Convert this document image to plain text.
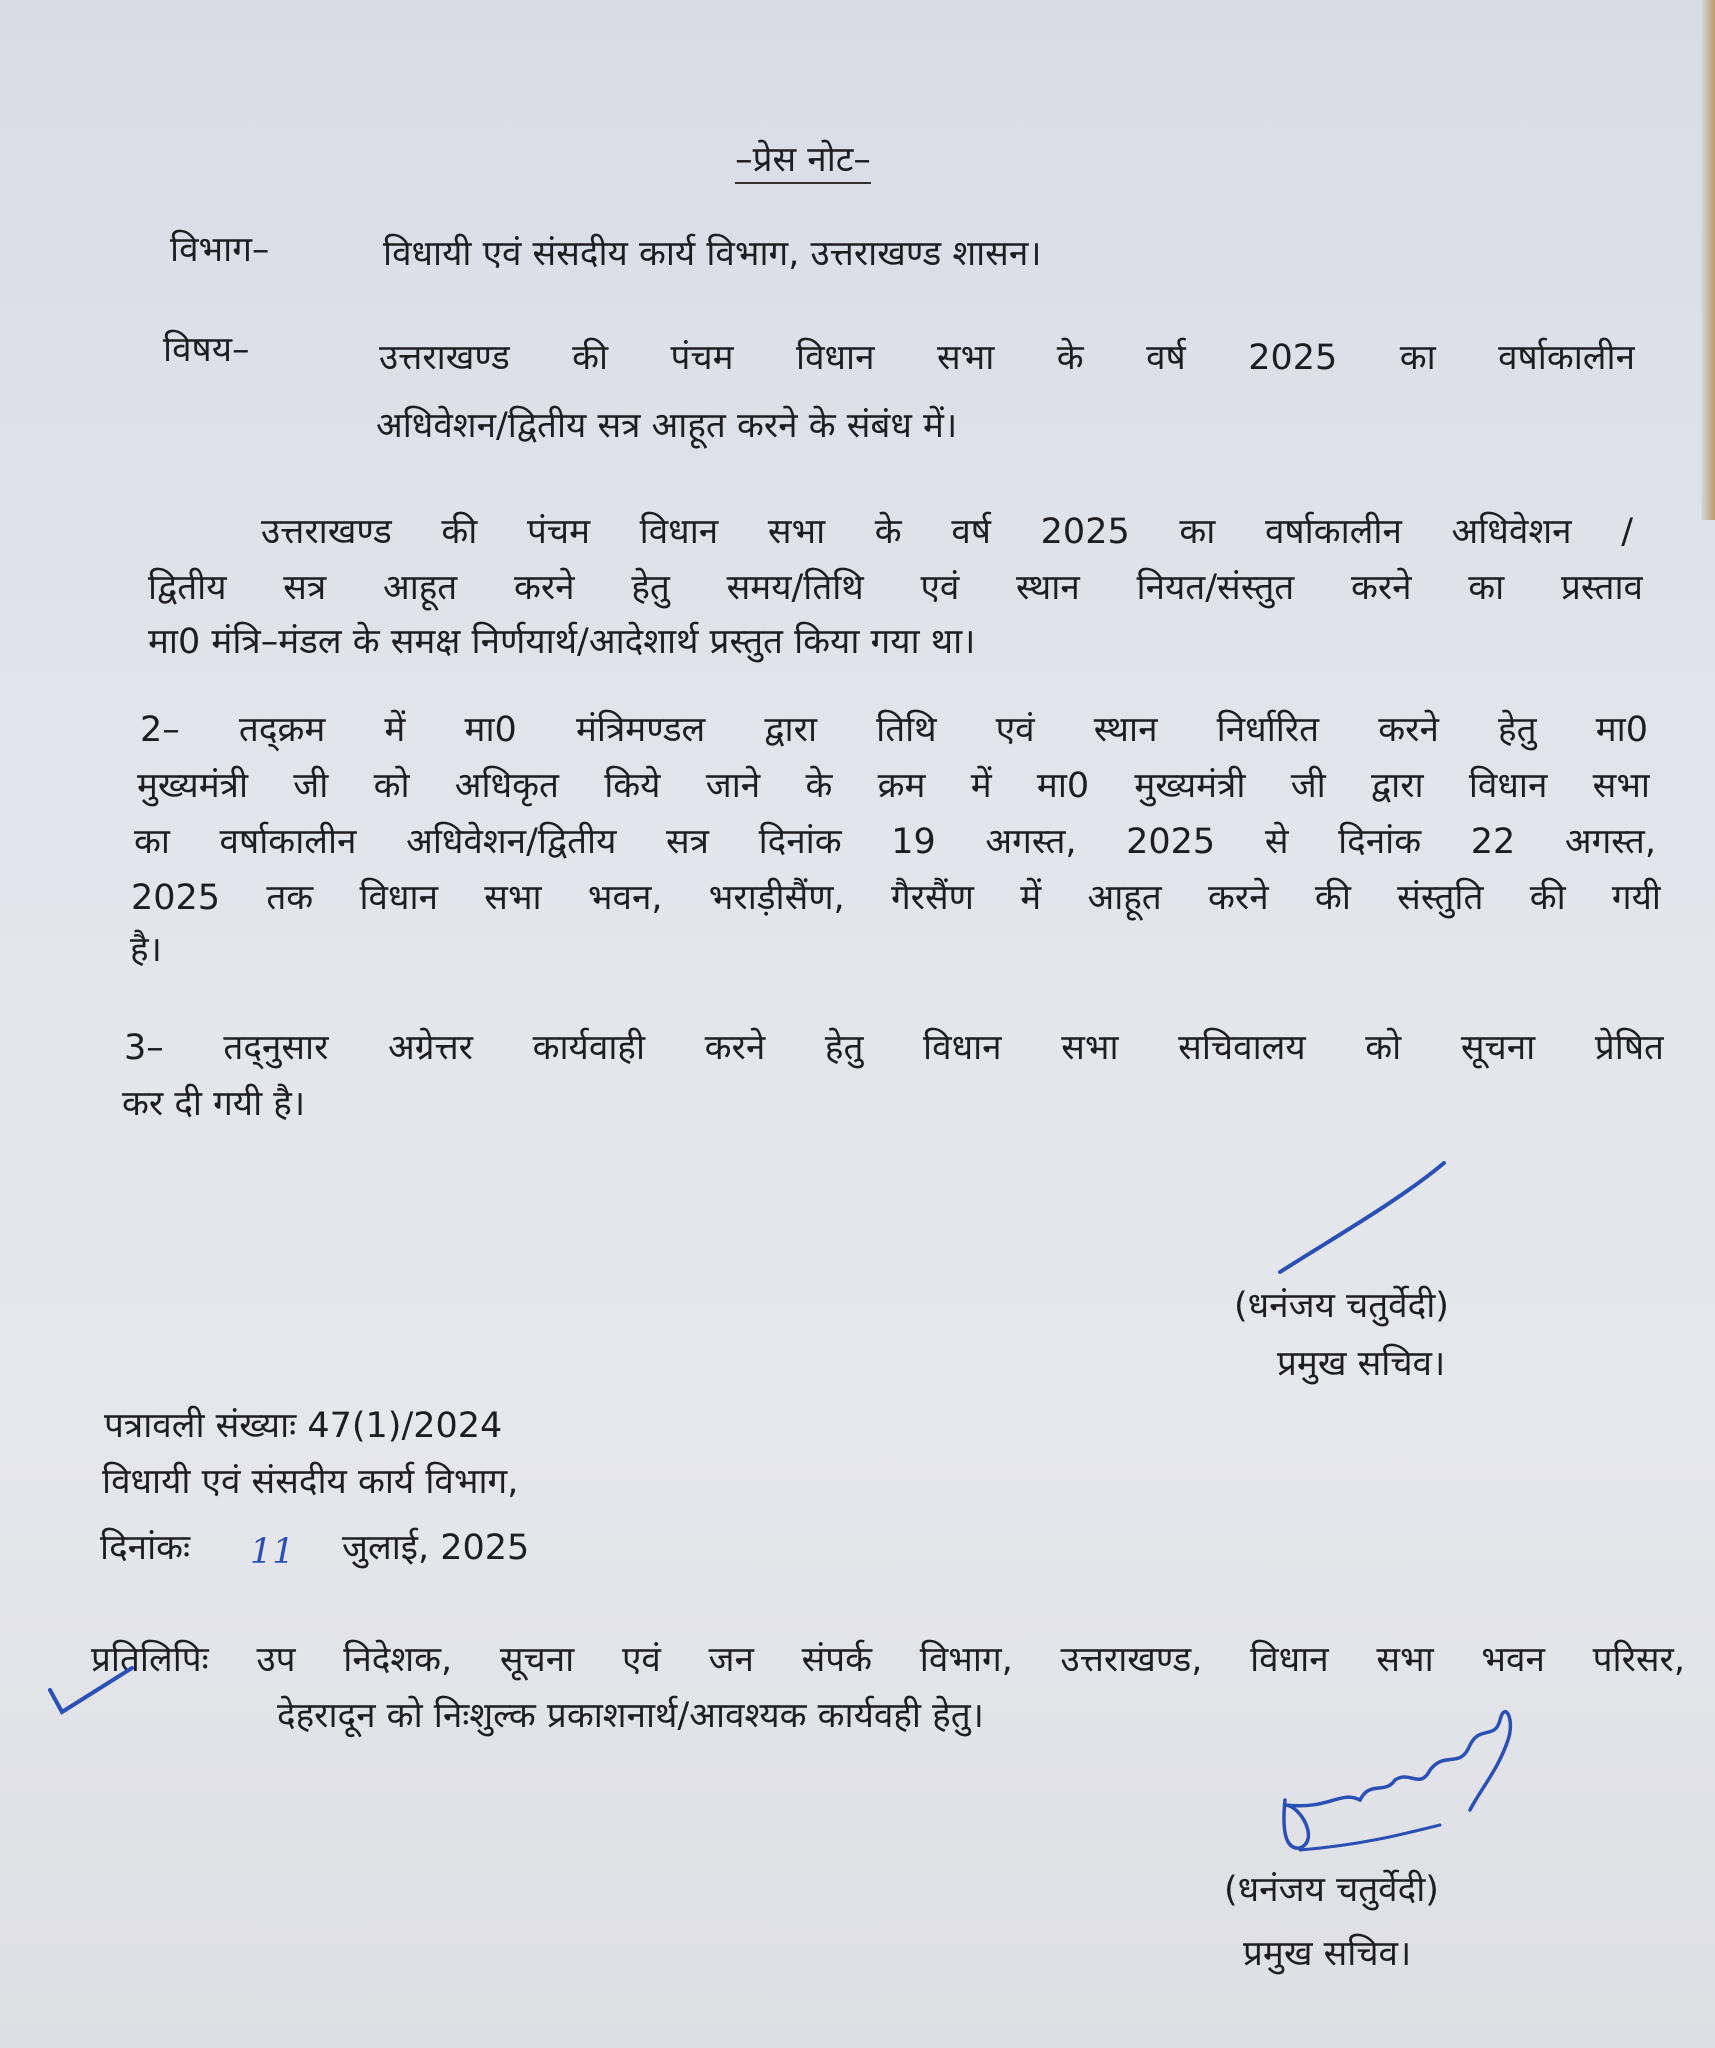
–प्रेस नोट–
विभाग–	विधायी एवं संसदीय कार्य विभाग, उत्तराखण्ड शासन।
विषय–	उत्तराखण्ड की पंचम विधान सभा के वर्ष 2025 का वर्षाकालीन
अधिवेशन/द्वितीय सत्र आहूत करने के संबंध में।
उत्तराखण्ड की पंचम विधान सभा के वर्ष 2025 का वर्षाकालीन अधिवेशन /
द्वितीय सत्र आहूत करने हेतु समय/तिथि एवं स्थान नियत/संस्तुत करने का प्रस्ताव
मा0 मंत्रि–मंडल के समक्ष निर्णयार्थ/आदेशार्थ प्रस्तुत किया गया था।
2– तद्क्रम में मा0 मंत्रिमण्डल द्वारा तिथि एवं स्थान निर्धारित करने हेतु मा0
मुख्यमंत्री जी को अधिकृत किये जाने के क्रम में मा0 मुख्यमंत्री जी द्वारा विधान सभा
का वर्षाकालीन अधिवेशन/द्वितीय सत्र दिनांक 19 अगस्त, 2025 से दिनांक 22 अगस्त,
2025 तक विधान सभा भवन, भराड़ीसैंण, गैरसैंण में आहूत करने की संस्तुति की गयी
है।
3– तद्नुसार अग्रेत्तर कार्यवाही करने हेतु विधान सभा सचिवालय को सूचना प्रेषित
कर दी गयी है।
(धनंजय चतुर्वेदी)
प्रमुख सचिव।
पत्रावली संख्याः 47(1)/2024
विधायी एवं संसदीय कार्य विभाग,
दिनांकः 11 जुलाई, 2025
प्रतिलिपिः उप निदेशक, सूचना एवं जन संपर्क विभाग, उत्तराखण्ड, विधान सभा भवन परिसर,
देहरादून को निःशुल्क प्रकाशनार्थ/आवश्यक कार्यवही हेतु।
(धनंजय चतुर्वेदी)
प्रमुख सचिव।
